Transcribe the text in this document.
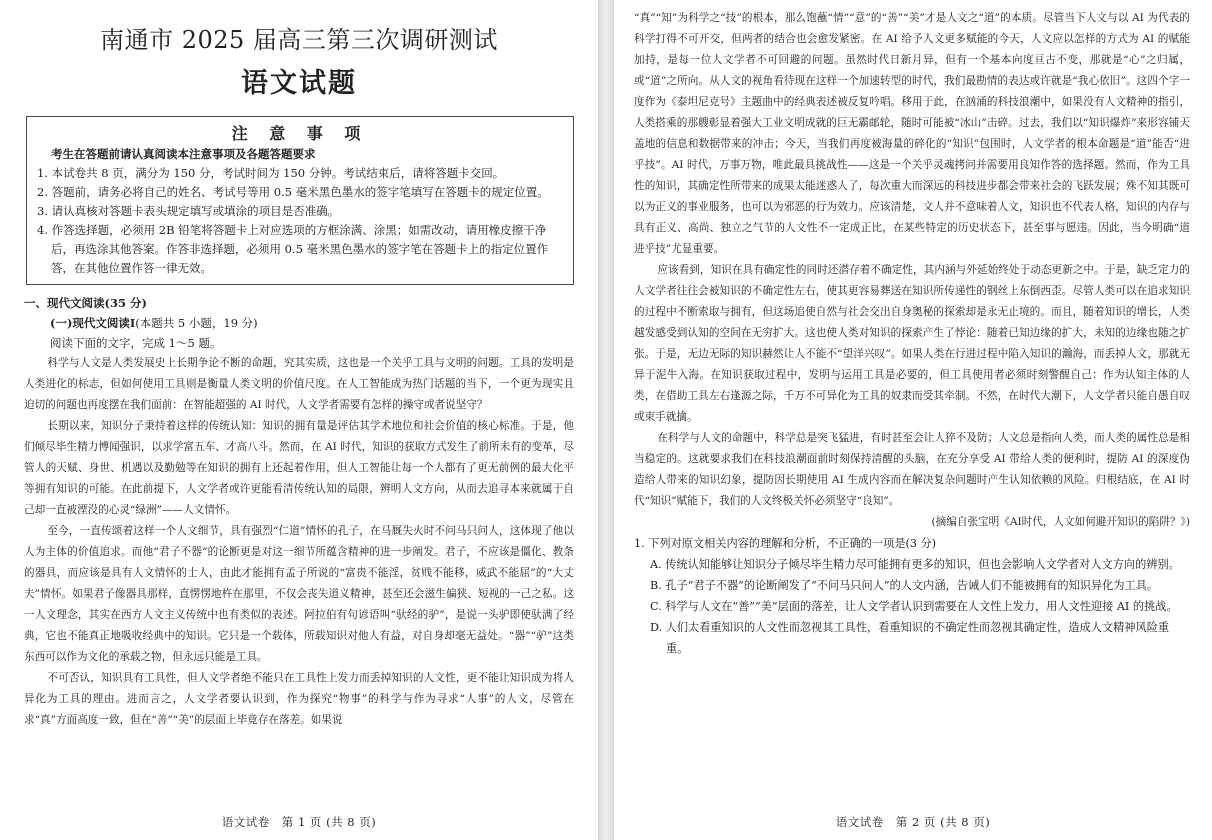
南通市 2025 届高三第三次调研测试
语文试题
注 意 事 项
考生在答题前请认真阅读本注意事项及各题答题要求
1. 本试卷共 8 页，满分为 150 分，考试时间为 150 分钟。考试结束后，请将答题卡交回。
2. 答题前，请务必将自己的姓名、考试号等用 0.5 毫米黑色墨水的签字笔填写在答题卡的规定位置。
3. 请认真核对答题卡表头规定填写或填涂的项目是否准确。
4. 作答选择题，必须用 2B 铅笔将答题卡上对应选项的方框涂满、涂黑；如需改动，请用橡皮擦干净后，再选涂其他答案。作答非选择题，必须用 0.5 毫米黑色墨水的签字笔在答题卡上的指定位置作答，在其他位置作答一律无效。
一、现代文阅读(35 分)
(一)现代文阅读Ⅰ(本题共 5 小题，19 分)
阅读下面的文字，完成 1～5 题。

科学与人文是人类发展史上长期争论不断的命题，究其实质，这也是一个关乎工具与文明的问题。工具的发明是人类进化的标志，但如何使用工具则是衡量人类文明的价值尺度。在人工智能成为热门话题的当下，一个更为现实且迫切的问题也再度摆在我们面前：在智能超强的 AI 时代，人文学者需要有怎样的操守或者说坚守？

长期以来，知识分子秉持着这样的传统认知：知识的拥有量是评估其学术地位和社会价值的核心标准。于是，他们倾尽毕生精力博闻强识，以求学富五车、才高八斗。然而，在 AI 时代，知识的获取方式发生了前所未有的变革，尽管人的天赋、身世、机遇以及勤勉等在知识的拥有上还起着作用，但人工智能让每一个人都有了更无前例的最大化平等拥有知识的可能。在此前提下，人文学者或许更能看清传统认知的局限，辨明人文方向，从而去追寻本来就属于自己却一直被湮没的心灵“绿洲”——人文情怀。

至今，一直传颂着这样一个人文细节，具有强烈“仁道”情怀的孔子，在马厩失火时不问马只问人，这体现了他以人为主体的价值追求。而他“君子不器”的论断更是对这一细节所蕴含精神的进一步阐发。君子，不应该是僵化、教条的器具，而应该是具有人文情怀的士人，由此才能拥有孟子所说的“富贵不能淫，贫贱不能移，威武不能屈”的“大丈夫”情怀。如果君子像器具那样，直愣愣地杵在那里，不仅会丧失道义精神，甚至还会滋生偏狭、短视的一己之私。这一人文理念，其实在西方人文主义传统中也有类似的表述。阿拉伯有句谚语叫“驮经的驴”，是说一头驴即使驮满了经典，它也不能真正地吸收经典中的知识。它只是一个载体，所载知识对他人有益，对自身却毫无益处。“器”“驴”这类东西可以作为文化的承载之物，但永远只能是工具。

不可否认，知识具有工具性，但人文学者绝不能只在工具性上发力而丢掉知识的人文性，更不能让知识成为将人异化为工具的理由。进而言之，人文学者要认识到，作为探究“物事”的科学与作为寻求“人事”的人文，尽管在求“真”方面高度一致，但在“善”“美”的层面上毕竟存在落差。如果说

语文试卷　第 1 页 (共 8 页)

“真”“知”为科学之“技”的根本，那么饱蘸“情”“意”的“善”“美”才是人文之“道”的本质。尽管当下人文与以 AI 为代表的科学打得不可开交，但两者的结合也会愈发紧密。在 AI 给予人文更多赋能的今天，人文应以怎样的方式为 AI 的赋能加持，是每一位人文学者不可回避的问题。虽然时代日新月异，但有一个基本向度亘古不变，那就是“心”之归属，或“道”之所向。从人文的视角看待现在这样一个加速转型的时代，我们最勘情的表达或许就是“我心依旧”。这四个字一度作为《泰坦尼克号》主题曲中的经典表述被反复吟唱。移用于此，在汹涌的科技浪潮中，如果没有人文精神的指引，人类搭乘的那艘彰显着强大工业文明成就的巨无霸邮轮，随时可能被“冰山”击碎。过去，我们以“知识爆炸”来形容铺天盖地的信息和数据带来的冲击；今天，当我们再度被海量的碎化的“知识”包围时，人文学者的根本命题是“道”能否“进乎技”。AI 时代，万事万物，唯此最具挑战性——这是一个关乎灵魂拷问并需要用良知作答的选择题。然而，作为工具性的知识，其确定性所带来的成果太能迷惑人了，每次重大而深远的科技进步都会带来社会的飞跃发展；殊不知其既可以为正义的事业服务，也可以为邪恶的行为效力。应该清楚，文人并不意味着人文，知识也不代表人格，知识的内存与具有正义、高尚、独立之气节的人文性不一定成正比，在某些特定的历史状态下，甚至事与愿违。因此，当今明确“道进乎技”尤显重要。

应该看到，知识在具有确定性的同时还潜存着不确定性，其内涵与外延始终处于动态更新之中。于是，缺乏定力的人文学者往往会被知识的不确定性左右，使其更容易葬送在知识所传递性的钢丝上东倒西歪。尽管人类可以在追求知识的过程中不断索取与拥有，但这场追使自然与社会交出自身奥秘的探索却是永无止境的。而且，随着知识的增长，人类越发感受到认知的空间在无穷扩大。这也使人类对知识的探索产生了悖论：随着已知边缘的扩大，未知的边缘也随之扩张。于是，无边无际的知识赫然让人不能不“望洋兴叹”。如果人类在行进过程中陷入知识的瀚海，而丢掉人文，那就无异于泥牛入海。在知识获取过程中，发明与运用工具是必要的，但工具使用者必须时刻警醒自己：作为认知主体的人类，在借助工具左右逢源之际，千万不可异化为工具的奴隶而受其牵制。不然，在时代大潮下，人文学者只能自愚自叹或束手就擒。

在科学与人文的命题中，科学总是突飞猛进，有时甚至会让人猝不及防；人文总是指向人类，而人类的属性总是相当稳定的。这就要求我们在科技浪潮面前时刻保持清醒的头脑，在充分享受 AI 带给人类的便利时，提防 AI 的深度伪造给人带来的知识幻象，提防因长期使用 AI 生成内容而在解决复杂问题时产生认知依赖的风险。归根结底，在 AI 时代“知识”赋能下，我们的人文终极关怀必须坚守“良知”。

(摘编自张宝明《AI时代，人文如何避开知识的陷阱？》)
1. 下列对原文相关内容的理解和分析，不正确的一项是(3 分)
A. 传统认知能够让知识分子倾尽毕生精力尽可能拥有更多的知识，但也会影响人文学者对人文方向的辨别。
B. 孔子“君子不器”的论断阐发了“不问马只问人”的人文内涵，告诫人们不能被拥有的知识异化为工具。
C. 科学与人文在“善”“美”层面的落差，让人文学者认识到需要在人文性上发力，用人文性迎接 AI 的挑战。
D. 人们太看重知识的人文性而忽视其工具性，看重知识的不确定性而忽视其确定性，造成人文精神风险重重。
语文试卷　第 2 页 (共 8 页)
